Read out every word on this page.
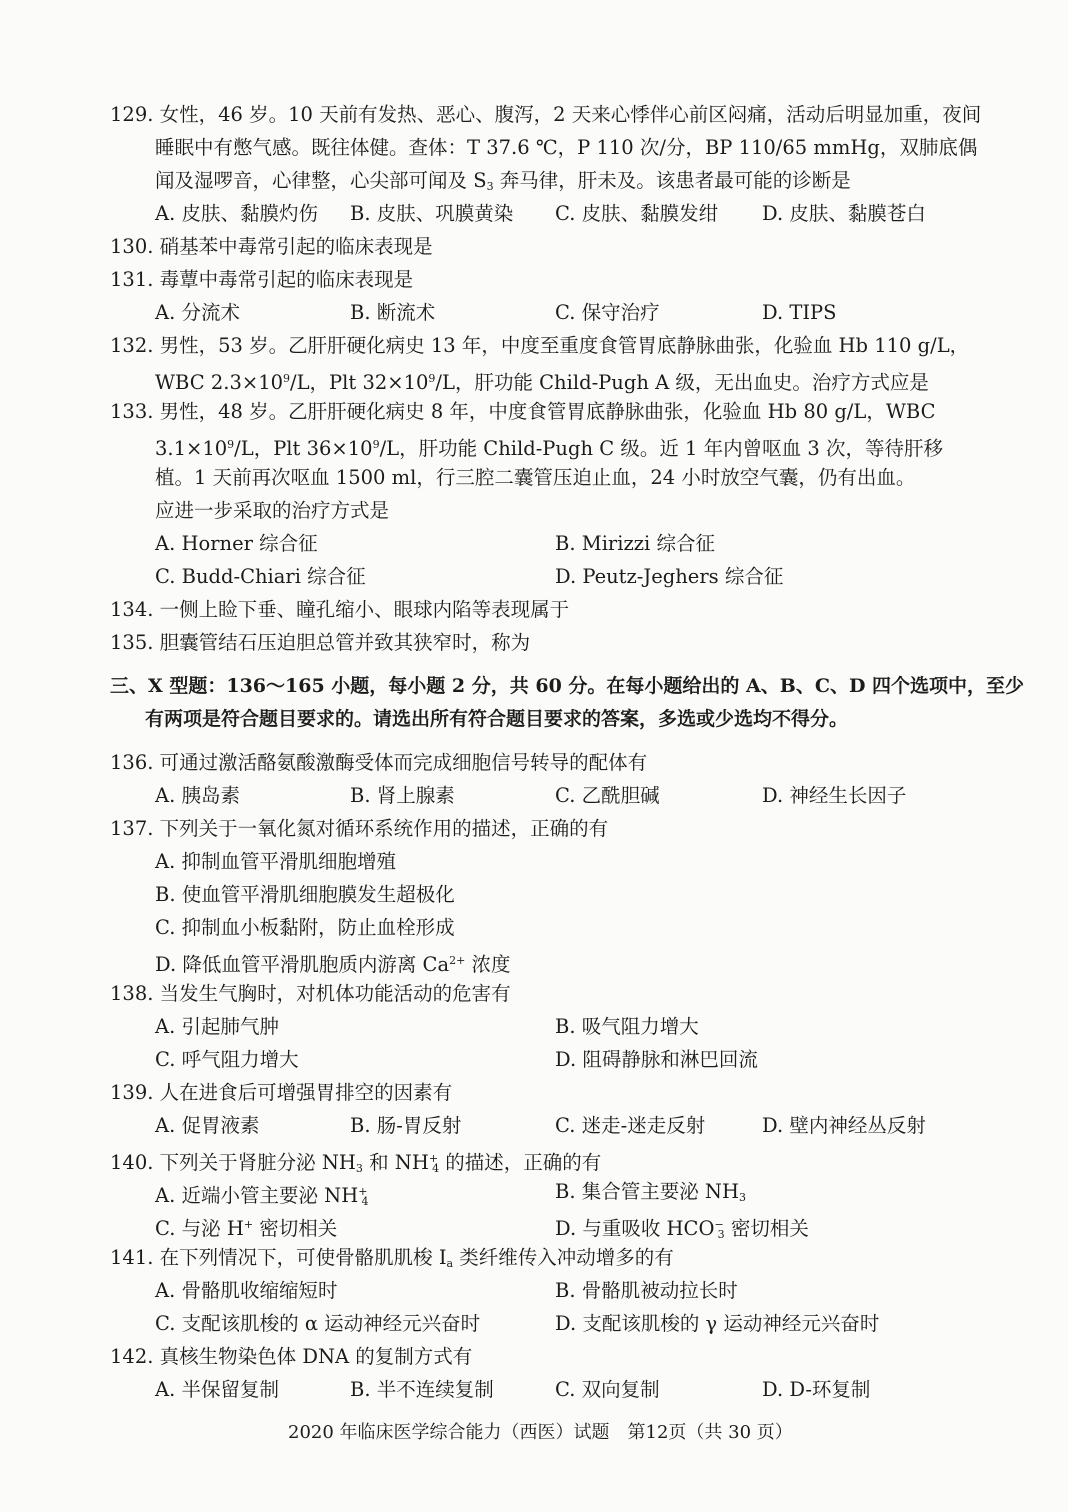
129. 女性，46 岁。10 天前有发热、恶心、腹泻，2 天来心悸伴心前区闷痛，活动后明显加重，夜间
睡眠中有憋气感。既往体健。查体：T 37.6 ℃，P 110 次/分，BP 110/65 mmHg，双肺底偶
闻及湿啰音，心律整，心尖部可闻及 $S_3$ 奔马律，肝未及。该患者最可能的诊断是
A. 皮肤、黏膜灼伤 B. 皮肤、巩膜黄染 C. 皮肤、黏膜发绀 D. 皮肤、黏膜苍白
130. 硝基苯中毒常引起的临床表现是
131. 毒蕈中毒常引起的临床表现是
A. 分流术	B. 断流术	C. 保守治疗	D. TIPS
132. 男性，53 岁。乙肝肝硬化病史 13 年，中度至重度食管胃底静脉曲张，化验血 Hb 110 g/L，
WBC $2.3\times 10^9/L$，Plt $32\times 10^9/L$，肝功能 Child-Pugh A 级，无出血史。治疗方式应是
133. 男性，48 岁。乙肝肝硬化病史 8 年，中度食管胃底静脉曲张，化验血 Hb 80 g/L，WBC
$3.1\times 10^9/L$，Plt $36\times 10^9/L$，肝功能 Child-Pugh C 级。近 1 年内曾呕血 3 次，等待肝移
植。1 天前再次呕血 1500 ml，行三腔二囊管压迫止血，24 小时放空气囊，仍有出血。
应进一步采取的治疗方式是
A. Horner 综合征	B. Mirizzi 综合征
C. Budd-Chiari 综合征	D. Peutz-Jeghers 综合征
134. 一侧上睑下垂、瞳孔缩小、眼球内陷等表现属于
135. 胆囊管结石压迫胆总管并致其狭窄时，称为
三、X 型题：136～165 小题，每小题 2 分，共 60 分。在每小题给出的 A、B、C、D 四个选项中，至少
有两项是符合题目要求的。请选出所有符合题目要求的答案，多选或少选均不得分。
136. 可通过激活酪氨酸激酶受体而完成细胞信号转导的配体有
A. 胰岛素	B. 肾上腺素	C. 乙酰胆碱	D. 神经生长因子
137. 下列关于一氧化氮对循环系统作用的描述，正确的有
A. 抑制血管平滑肌细胞增殖
B. 使血管平滑肌细胞膜发生超极化
C. 抑制血小板黏附，防止血栓形成
D. 降低血管平滑肌胞质内游离 $Ca^{2+}$ 浓度
138. 当发生气胸时，对机体功能活动的危害有
A. 引起肺气肿	B. 吸气阻力增大
C. 呼气阻力增大	D. 阻碍静脉和淋巴回流
139. 人在进食后可增强胃排空的因素有
A. 促胃液素	B. 肠-胃反射	C. 迷走-迷走反射	D. 壁内神经丛反射
140. 下列关于肾脏分泌 $NH_3$ 和 $NH^+_4$ 的描述，正确的有
A. 近端小管主要泌 $NH^+_4$	B. 集合管主要泌 $NH_3$
C. 与泌 H+ 密切相关	D. 与重吸收 $HCO^-_3$ 密切相关
141. 在下列情况下，可使骨骼肌肌梭 $Ⅰ_a$ 类纤维传入冲动增多的有
A. 骨骼肌收缩缩短时	B. 骨骼肌被动拉长时
C. 支配该肌梭的 α 运动神经元兴奋时	D. 支配该肌梭的 γ 运动神经元兴奋时
142. 真核生物染色体 DNA 的复制方式有
A. 半保留复制	B. 半不连续复制	C. 双向复制	D. D-环复制
2020 年临床医学综合能力（西医）试题　第12页（共 30 页）
